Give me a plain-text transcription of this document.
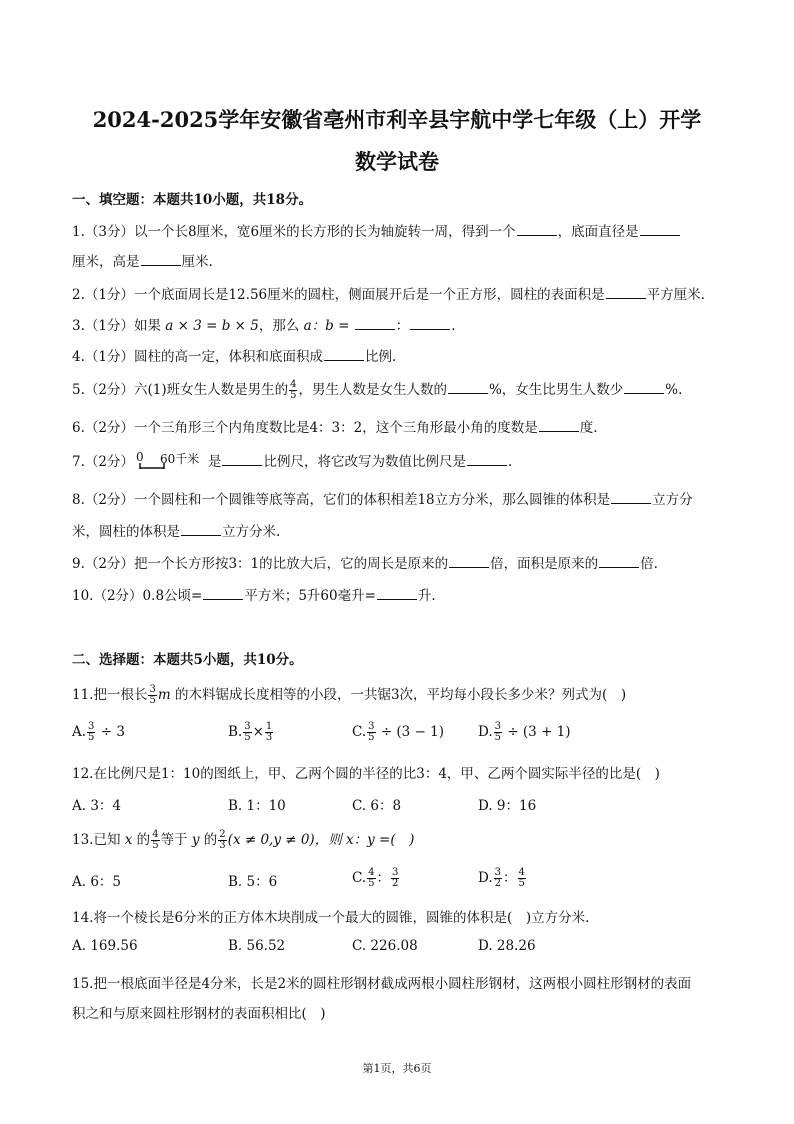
2024-2025学年安徽省亳州市利辛县宇航中学七年级（上）开学
数学试卷
一、填空题：本题共10小题，共18分。
1.（3分）以一个长8厘米，宽6厘米的长方形的长为轴旋转一周，得到一个	，底面直径是
厘米，高是	厘米.
2.（1分）一个底面周长是12.56厘米的圆柱，侧面展开后是一个正方形，圆柱的表面积是	平方厘米.
3.（1分）如果 a × 3 = b × 5，那么 a：b =	：	.
4.（1分）圆柱的高一定，体积和底面积成	比例.
5.（2分）六(1)班女生人数是男生的 $\frac{4}{5}$ ，男生人数是女生人数的	%，女生比男生人数少	%.
6.（2分）一个三角形三个内角度数比是4：3：2，这个三角形最小角的度数是	度.
7.（2分） 0 60千米 是	比例尺，将它改写为数值比例尺是	.
8.（2分）一个圆柱和一个圆锥等底等高，它们的体积相差18立方分米，那么圆锥的体积是	立方分
米，圆柱的体积是	立方分米.
9.（2分）把一个长方形按3：1的比放大后，它的周长是原来的	倍，面积是原来的	倍.
10.（2分）0.8公顷=	平方米；5升60毫升=	升.
二、选择题：本题共5小题，共10分。
11.把一根长 $\frac{3}{5}$ m 的木料锯成长度相等的小段，一共锯3次，平均每小段长多少米？列式为(　)
A. $\frac{3}{5} \div 3$	B. $\frac{3}{5} \times \frac{1}{3}$	C. $\frac{3}{5} \div (3 - 1)$	D. $\frac{3}{5} \div (3 + 1)$
12.在比例尺是1：10的图纸上，甲、乙两个圆的半径的比3：4，甲、乙两个圆实际半径的比是(　)
A. 3：4	B. 1：10	C. 6：8	D. 9：16
13.已知 x 的 $\frac{4}{5}$ 等于 y 的 $\frac{2}{3} (x \ne 0,y \ne 0)$，则 x：y =(　)
A. 6：5	B. 5：6	C. $\frac{4}{5}$ ： $\frac{3}{2}$	D. $\frac{3}{2}$ ： $\frac{4}{5}$
14.将一个棱长是6分米的正方体木块削成一个最大的圆锥，圆锥的体积是(　)立方分米.
A. 169.56	B. 56.52	C. 226.08	D. 28.26
15.把一根底面半径是4分米，长是2米的圆柱形钢材截成两根小圆柱形钢材，这两根小圆柱形钢材的表面
积之和与原来圆柱形钢材的表面积相比(　)
第1页，共6页
